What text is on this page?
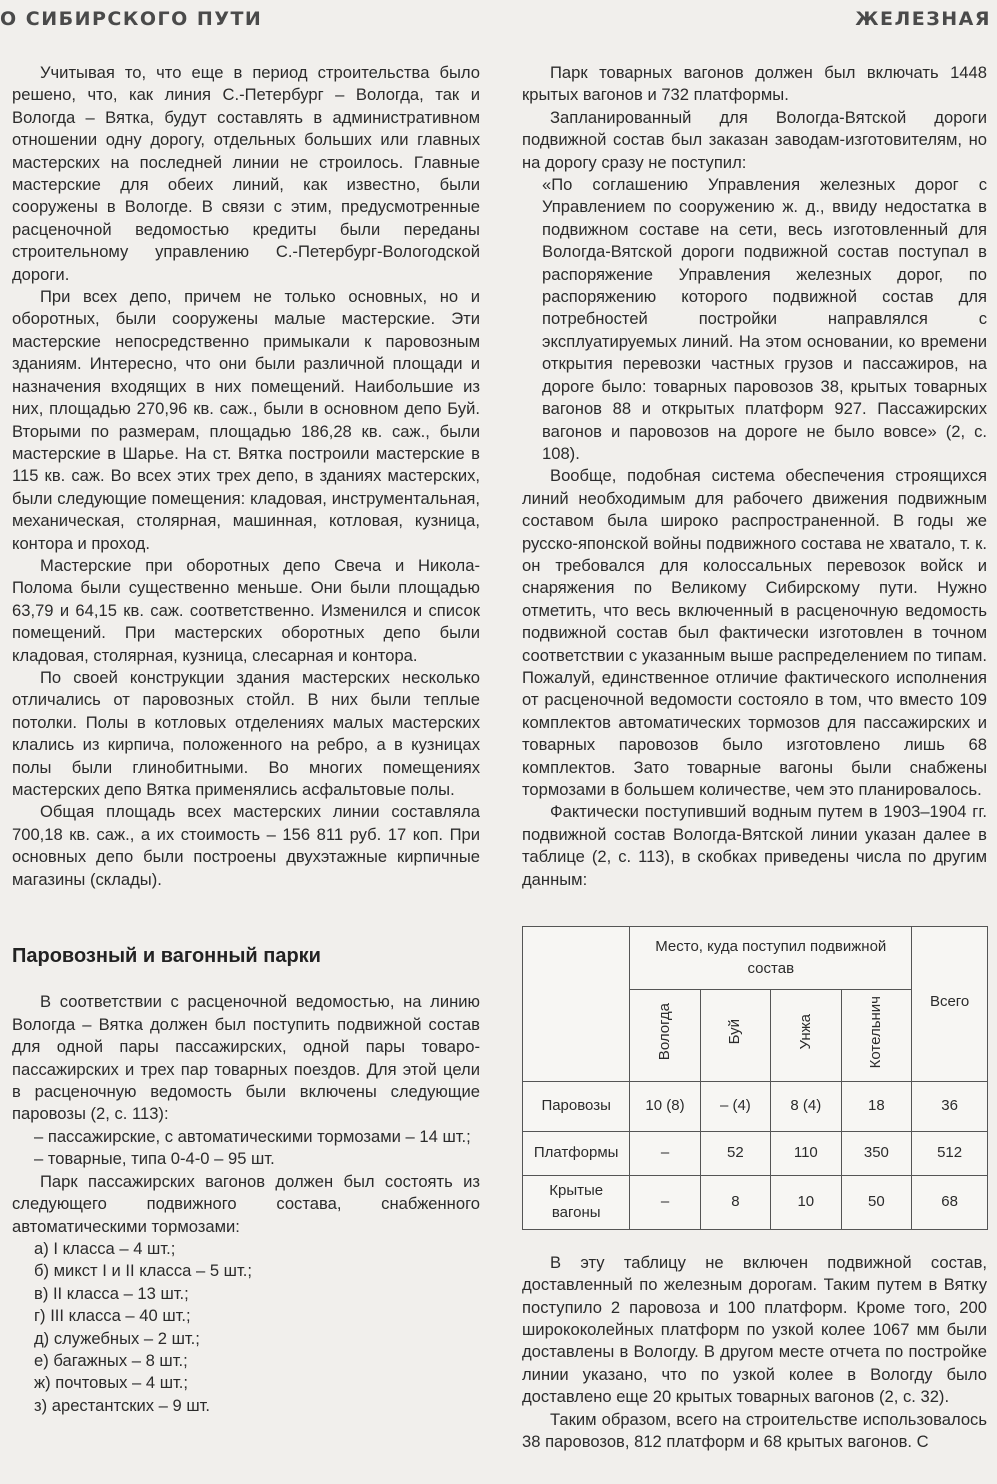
О СИБИРСКОГО ПУТИ	ЖЕЛЕЗНАЯ

Учитывая то, что еще в период строительства было решено, что, как линия С.-Петербург – Вологда, так и Вологда – Вятка, будут составлять в административном отношении одну дорогу, отдельных больших или главных мастерских на последней линии не строилось. Главные мастерские для обеих линий, как известно, были сооружены в Вологде. В связи с этим, предусмотренные расценочной ведомостью кредиты были переданы строительному управлению С.-Петербург-Вологодской дороги.

При всех депо, причем не только основных, но и оборотных, были сооружены малые мастерские. Эти мастерские непосредственно примыкали к паровозным зданиям. Интересно, что они были различной площади и назначения входящих в них помещений. Наибольшие из них, площадью 270,96 кв. саж., были в основном депо Буй. Вторыми по размерам, площадью 186,28 кв. саж., были мастерские в Шарье. На ст. Вятка построили мастерские в 115 кв. саж. Во всех этих трех депо, в зданиях мастерских, были следующие помещения: кладовая, инструментальная, механическая, столярная, машинная, котловая, кузница, контора и проход.

Мастерские при оборотных депо Свеча и Никола-Полома были существенно меньше. Они были площадью 63,79 и 64,15 кв. саж. соответственно. Изменился и список помещений. При мастерских оборотных депо были кладовая, столярная, кузница, слесарная и контора.

По своей конструкции здания мастерских несколько отличались от паровозных стойл. В них были теплые потолки. Полы в котловых отделениях малых мастерских клались из кирпича, положенного на ребро, а в кузницах полы были глинобитными. Во многих помещениях мастерских депо Вятка применялись асфальтовые полы.

Общая площадь всех мастерских линии составляла 700,18 кв. саж., а их стоимость – 156 811 руб. 17 коп. При основных депо были построены двухэтажные кирпичные магазины (склады).

Паровозный и вагонный парки

В соответствии с расценочной ведомостью, на линию Вологда – Вятка должен был поступить подвижной состав для одной пары пассажирских, одной пары товаро-пассажирских и трех пар товарных поездов. Для этой цели в расценочную ведомость были включены следующие паровозы (2, с. 113):

– пассажирские, с автоматическими тормозами – 14 шт.;
– товарные, типа 0-4-0 – 95 шт.

Парк пассажирских вагонов должен был состоять из следующего подвижного состава, снабженного автоматическими тормозами:

а) I класса – 4 шт.;
б) микст I и II класса – 5 шт.;
в) II класса – 13 шт.;
г) III класса – 40 шт.;
д) служебных – 2 шт.;
е) багажных – 8 шт.;
ж) почтовых – 4 шт.;
з) арестантских – 9 шт.

Парк товарных вагонов должен был включать 1448 крытых вагонов и 732 платформы.

Запланированный для Вологда-Вятской дороги подвижной состав был заказан заводам-изготовителям, но на дорогу сразу не поступил:

«По соглашению Управления железных дорог с Управлением по сооружению ж. д., ввиду недостатка в подвижном составе на сети, весь изготовленный для Вологда-Вятской дороги подвижной состав поступал в распоряжение Управления железных дорог, по распоряжению которого подвижной состав для потребностей постройки направлялся с эксплуатируемых линий. На этом основании, ко времени открытия перевозки частных грузов и пассажиров, на дороге было: товарных паровозов 38, крытых товарных вагонов 88 и открытых платформ 927. Пассажирских вагонов и паровозов на дороге не было вовсе» (2, с. 108).

Вообще, подобная система обеспечения строящихся линий необходимым для рабочего движения подвижным составом была широко распространенной. В годы же русско-японской войны подвижного состава не хватало, т. к. он требовался для колоссальных перевозок войск и снаряжения по Великому Сибирскому пути. Нужно отметить, что весь включенный в расценочную ведомость подвижной состав был фактически изготовлен в точном соответствии с указанным выше распределением по типам. Пожалуй, единственное отличие фактического исполнения от расценочной ведомости состояло в том, что вместо 109 комплектов автоматических тормозов для пассажирских и товарных паровозов было изготовлено лишь 68 комплектов. Зато товарные вагоны были снабжены тормозами в большем количестве, чем это планировалось.

Фактически поступивший водным путем в 1903–1904 гг. подвижной состав Вологда-Вятской линии указан далее в таблице (2, с. 113), в скобках приведены числа по другим данным:

	Место, куда поступил подвижной состав				Всего
	Вологда	Буй	Унжа	Котельнич	
Паровозы	10 (8)	– (4)	8 (4)	18	36
Платформы	–	52	110	350	512
Крытые вагоны	–	8	10	50	68

В эту таблицу не включен подвижной состав, доставленный по железным дорогам. Таким путем в Вятку поступило 2 паровоза и 100 платформ. Кроме того, 200 ширококолейных платформ по узкой колее 1067 мм были доставлены в Вологду. В другом месте отчета по постройке линии указано, что по узкой колее в Вологду было доставлено еще 20 крытых товарных вагонов (2, с. 32).

Таким образом, всего на строительстве использовалось 38 паровозов, 812 платформ и 68 крытых вагонов. С
